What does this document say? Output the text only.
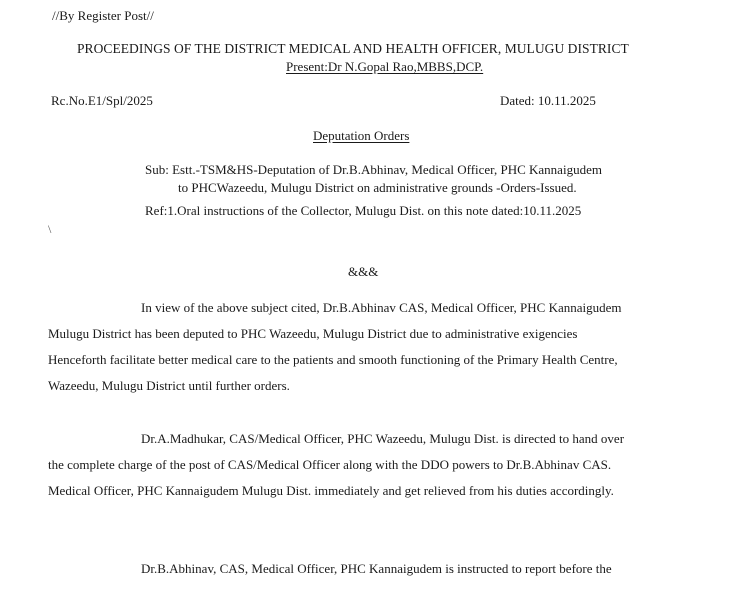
//By Register Post//
PROCEEDINGS OF THE DISTRICT MEDICAL AND HEALTH OFFICER, MULUGU DISTRICT
Present:Dr N.Gopal Rao,MBBS,DCP.
Rc.No.E1/Spl/2025	Dated: 10.11.2025
Deputation Orders
Sub: Estt.-TSM&HS-Deputation of Dr.B.Abhinav, Medical Officer, PHC Kannaigudem
to PHCWazeedu, Mulugu District on administrative grounds -Orders-Issued.
Ref:1.Oral instructions of the Collector, Mulugu Dist. on this note dated:10.11.2025
\
&&&
In view of the above subject cited, Dr.B.Abhinav CAS, Medical Officer, PHC Kannaigudem
Mulugu District has been deputed to PHC Wazeedu, Mulugu District due to administrative exigencies
Henceforth facilitate better medical care to the patients and smooth functioning of the Primary Health Centre,
Wazeedu, Mulugu District until further orders.
Dr.A.Madhukar, CAS/Medical Officer, PHC Wazeedu, Mulugu Dist. is directed to hand over
the complete charge of the post of CAS/Medical Officer along with the DDO powers to Dr.B.Abhinav CAS.
Medical Officer, PHC Kannaigudem Mulugu Dist. immediately and get relieved from his duties accordingly.
Dr.B.Abhinav, CAS, Medical Officer, PHC Kannaigudem is instructed to report before the
